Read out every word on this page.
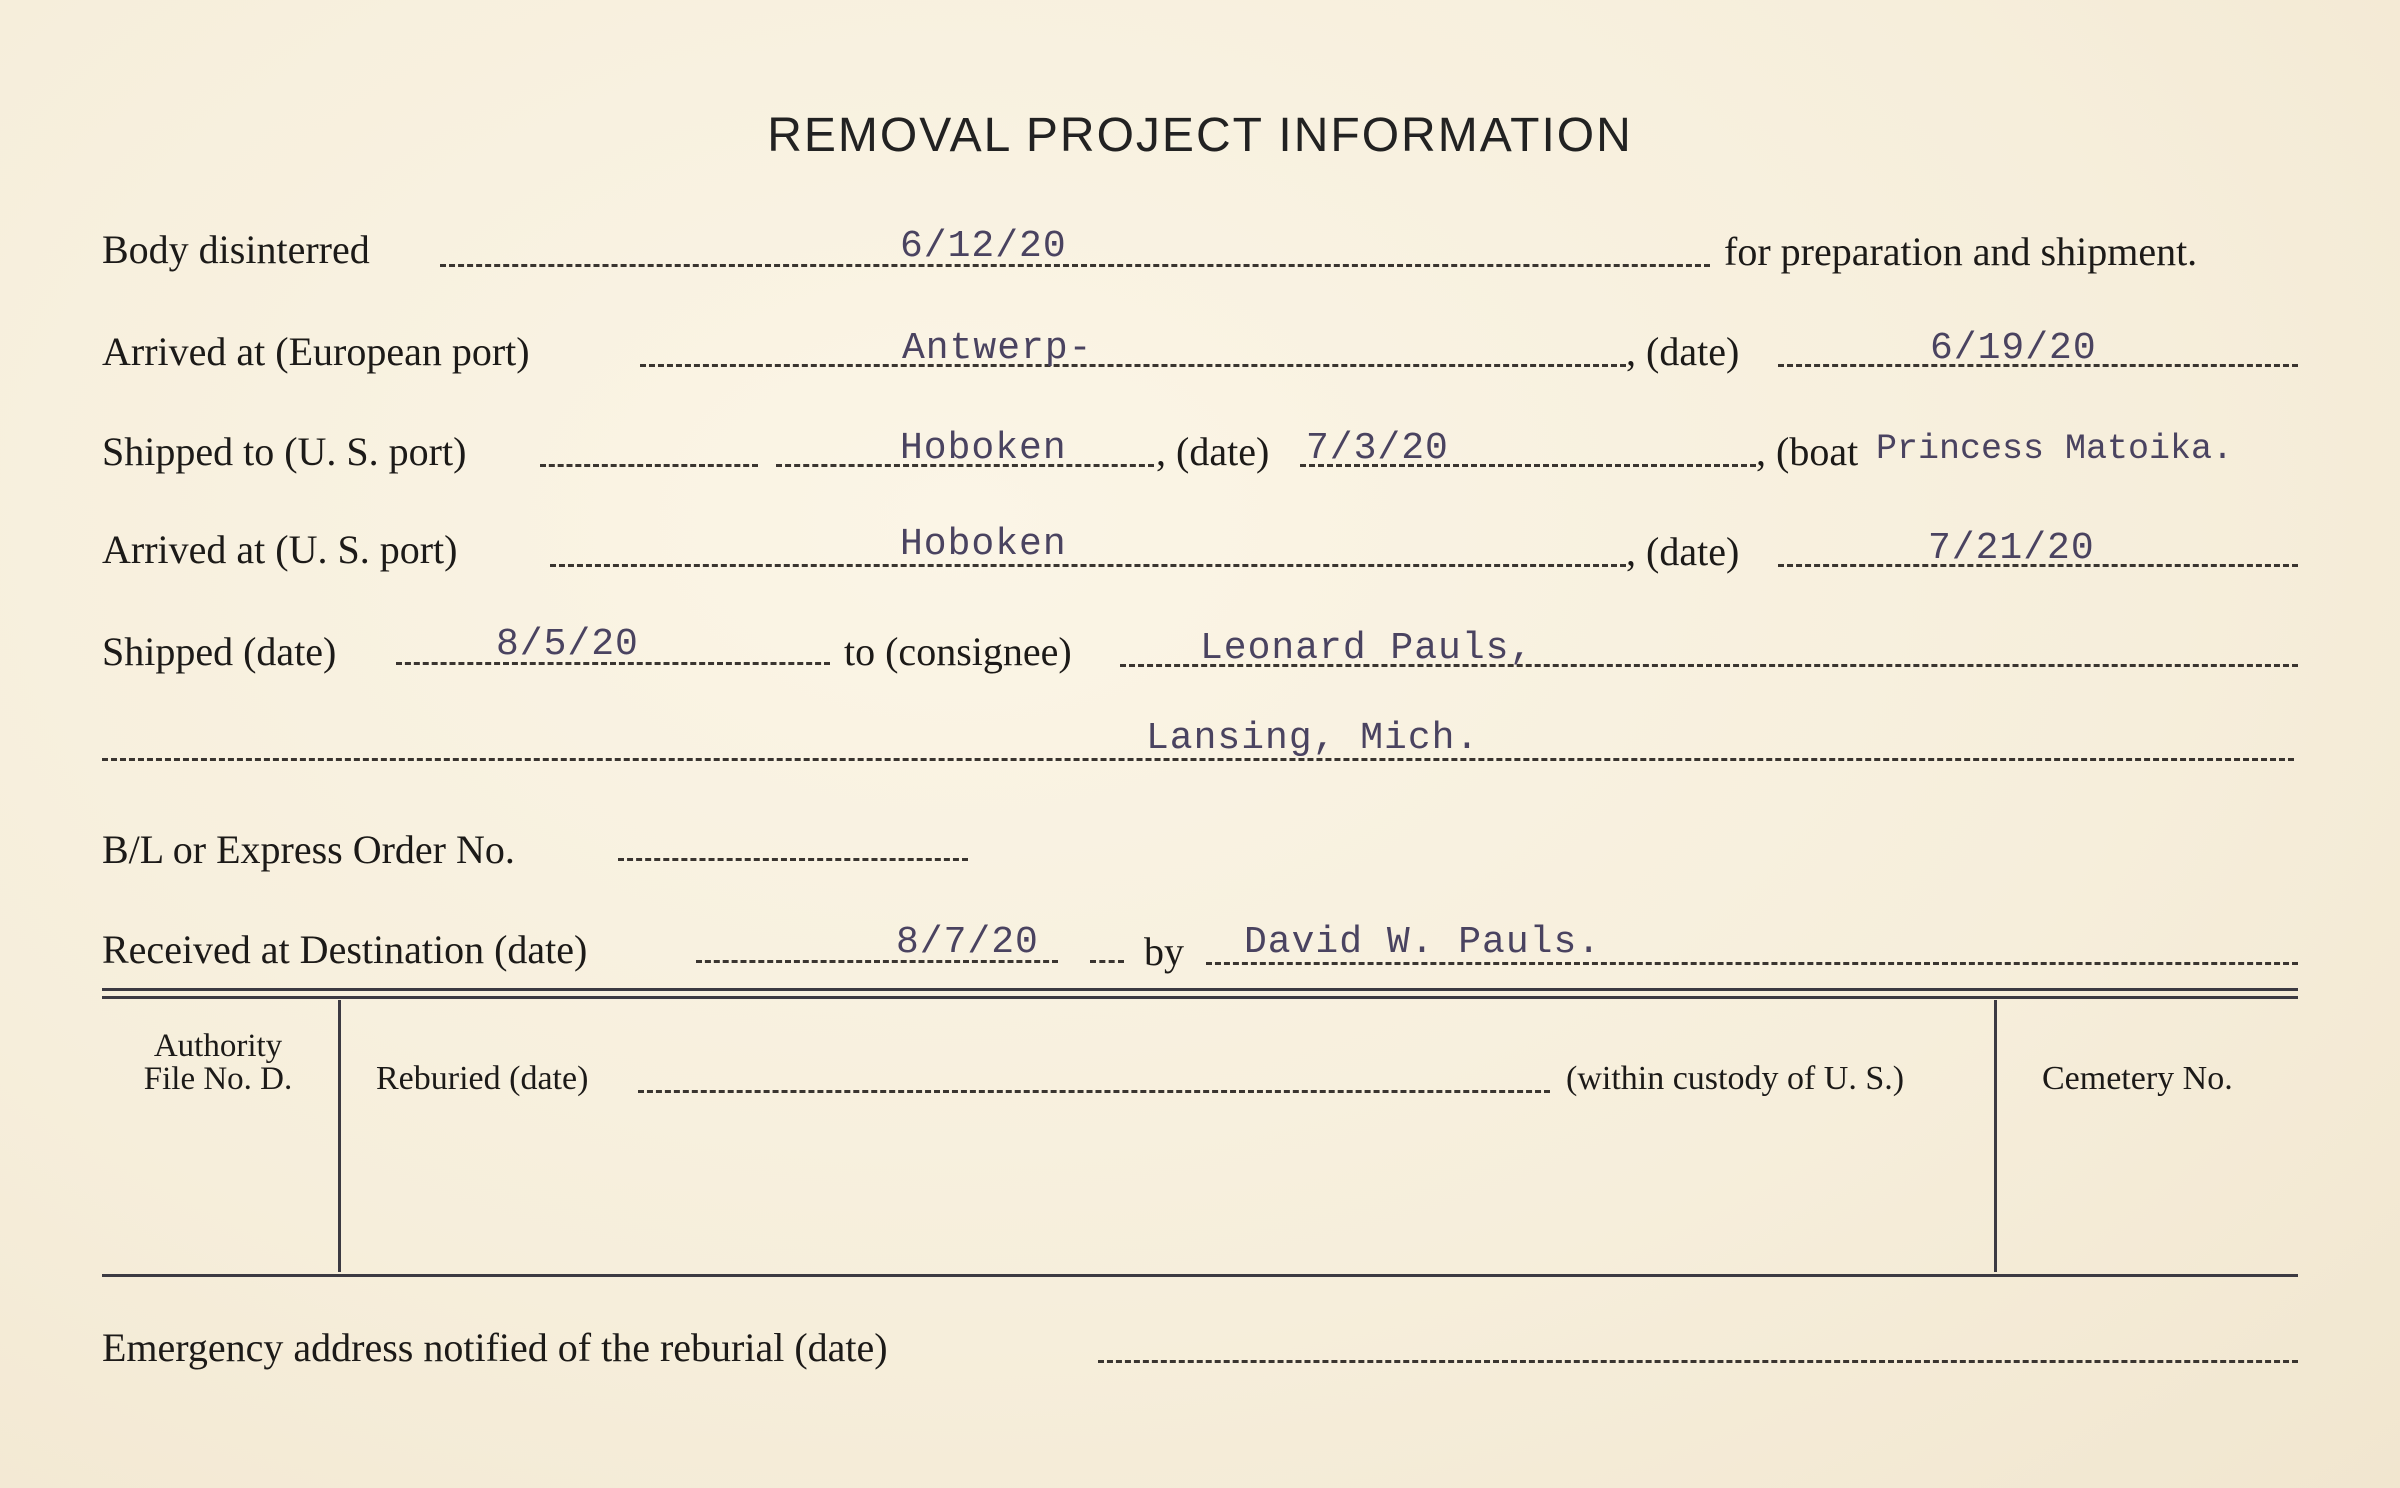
REMOVAL PROJECT INFORMATION
Body disinterred	6/12/20	for preparation and shipment.
Arrived at (European port)	Antwerp-	, (date)	6/19/20
Shipped to (U. S. port)	Hoboken , (date) 7/3/20	, (boat Princess Matoika.
Arrived at (U. S. port)	Hoboken	, (date)	7/21/20
Shipped (date)	8/5/20	to (consignee)	Leonard Pauls,
Lansing, Mich.
B/L or Express Order No.
Received at Destination (date)	8/7/20	by David W. Pauls.
Authority
File No. D.	Reburied (date)	(within custody of U. S.)	Cemetery No.
Emergency address notified of the reburial (date)
